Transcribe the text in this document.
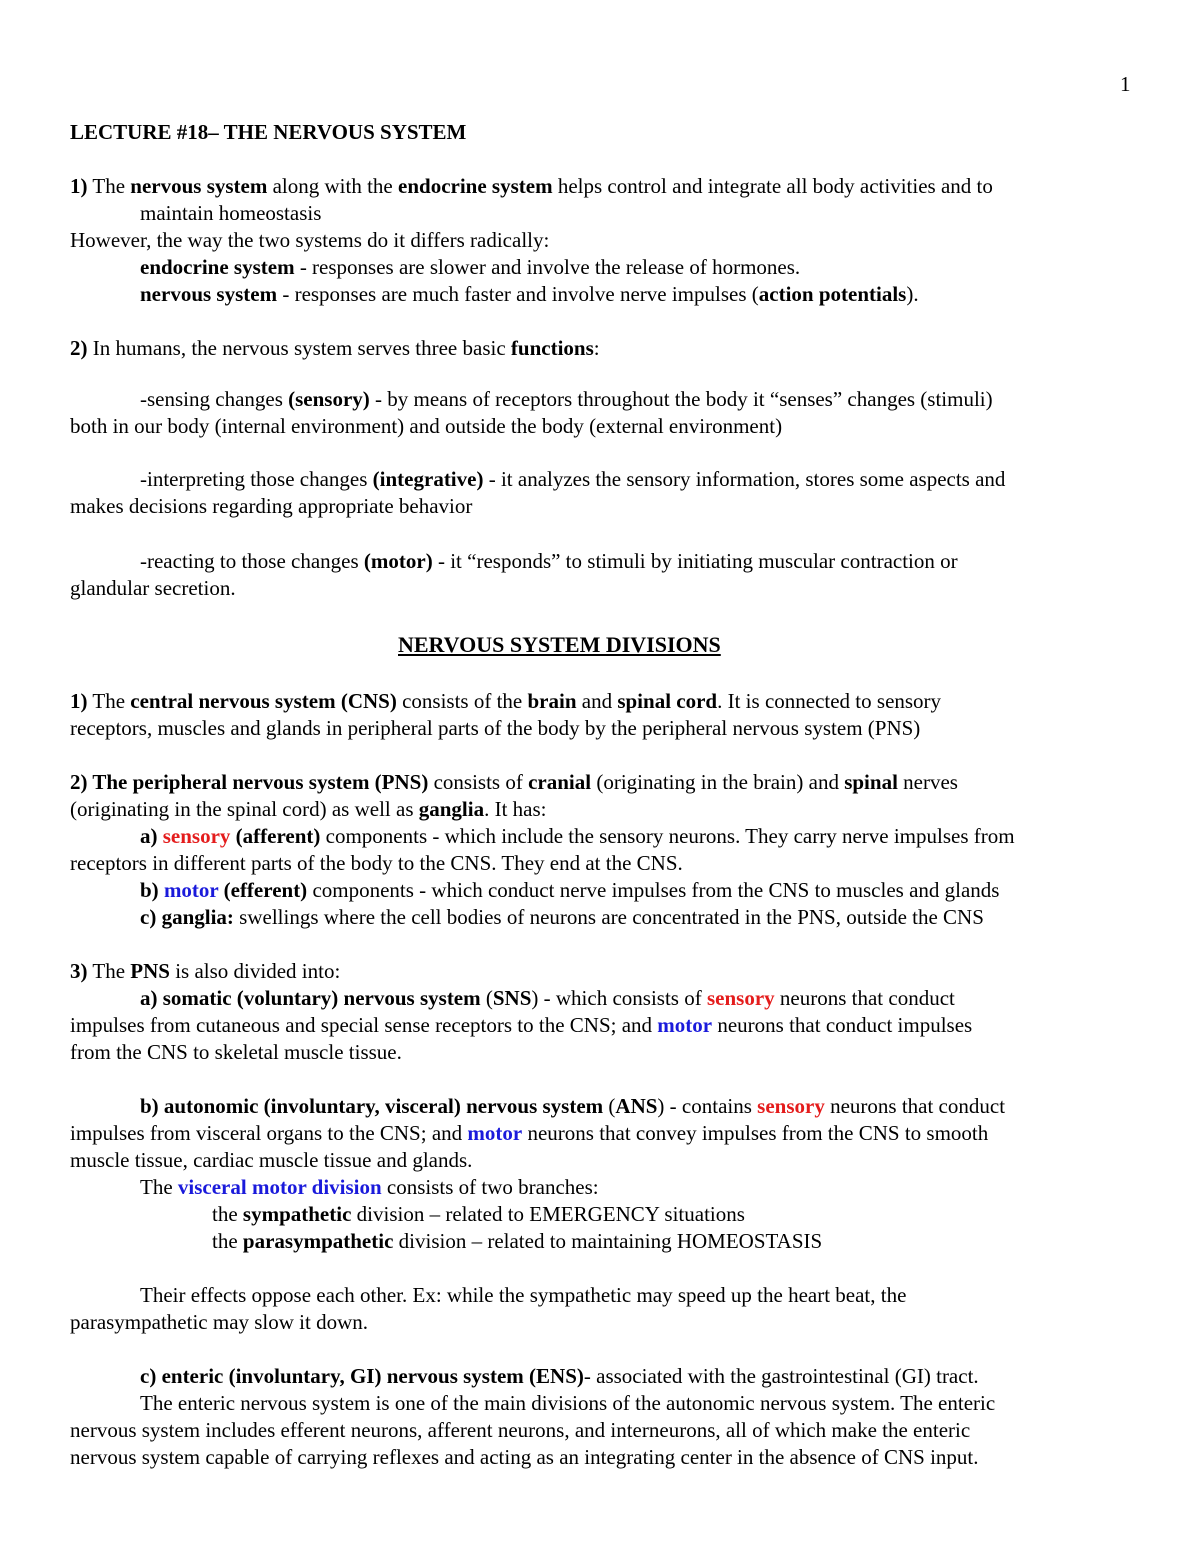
1
LECTURE #18– THE NERVOUS SYSTEM
1) The nervous system along with the endocrine system helps control and integrate all body activities and to
maintain homeostasis
However, the way the two systems do it differs radically:
endocrine system - responses are slower and involve the release of hormones.
nervous system - responses are much faster and involve nerve impulses (action potentials).
2) In humans, the nervous system serves three basic functions:
-sensing changes (sensory) - by means of receptors throughout the body it “senses” changes (stimuli)
both in our body (internal environment) and outside the body (external environment)
-interpreting those changes (integrative) - it analyzes the sensory information, stores some aspects and
makes decisions regarding appropriate behavior
-reacting to those changes (motor) - it “responds” to stimuli by initiating muscular contraction or
glandular secretion.
NERVOUS SYSTEM DIVISIONS
1) The central nervous system (CNS) consists of the brain and spinal cord. It is connected to sensory
receptors, muscles and glands in peripheral parts of the body by the peripheral nervous system (PNS)
2) The peripheral nervous system (PNS) consists of cranial (originating in the brain) and spinal nerves
(originating in the spinal cord) as well as ganglia. It has:
a) sensory (afferent) components - which include the sensory neurons. They carry nerve impulses from
receptors in different parts of the body to the CNS. They end at the CNS.
b) motor (efferent) components - which conduct nerve impulses from the CNS to muscles and glands
c) ganglia: swellings where the cell bodies of neurons are concentrated in the PNS, outside the CNS
3) The PNS is also divided into:
a) somatic (voluntary) nervous system (SNS) - which consists of sensory neurons that conduct
impulses from cutaneous and special sense receptors to the CNS; and motor neurons that conduct impulses
from the CNS to skeletal muscle tissue.
b) autonomic (involuntary, visceral) nervous system (ANS) - contains sensory neurons that conduct
impulses from visceral organs to the CNS; and motor neurons that convey impulses from the CNS to smooth
muscle tissue, cardiac muscle tissue and glands.
The visceral motor division consists of two branches:
the sympathetic division – related to EMERGENCY situations
the parasympathetic division – related to maintaining HOMEOSTASIS
Their effects oppose each other. Ex: while the sympathetic may speed up the heart beat, the
parasympathetic may slow it down.
c) enteric (involuntary, GI) nervous system (ENS)- associated with the gastrointestinal (GI) tract.
The enteric nervous system is one of the main divisions of the autonomic nervous system. The enteric
nervous system includes efferent neurons, afferent neurons, and interneurons, all of which make the enteric
nervous system capable of carrying reflexes and acting as an integrating center in the absence of CNS input.
